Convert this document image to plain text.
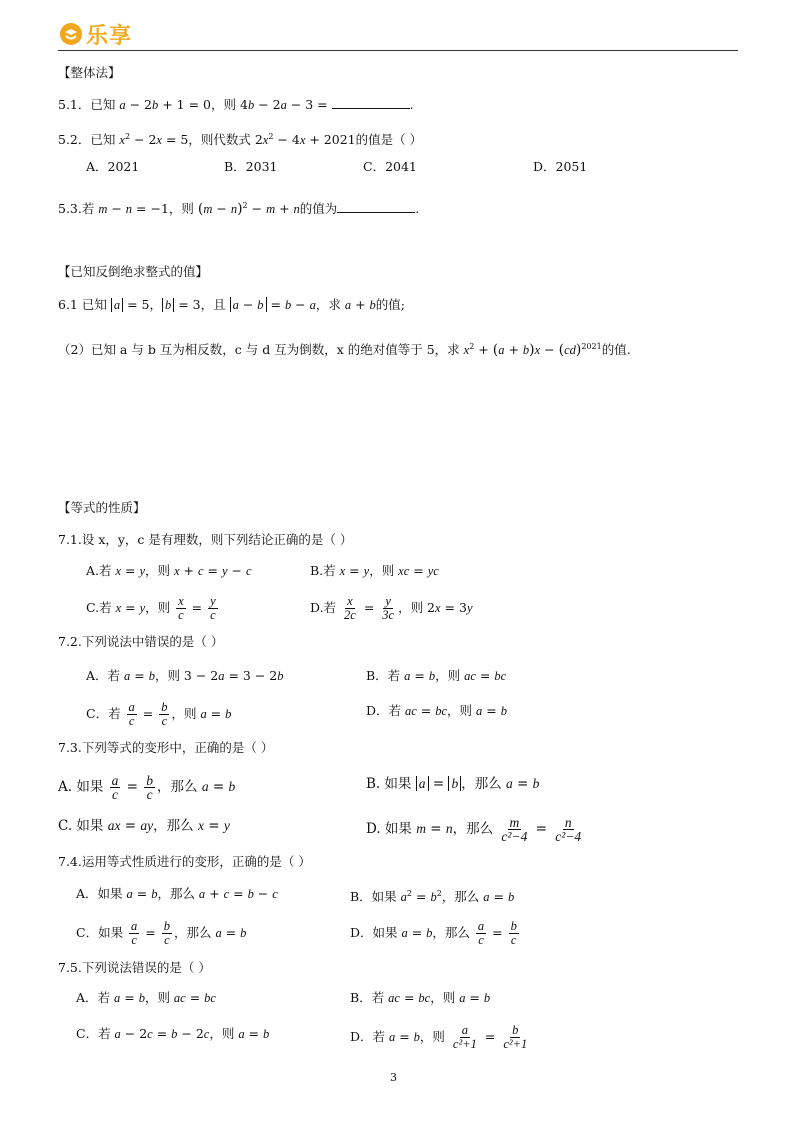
乐享
【整体法】
5.1．已知 a − 2b + 1 = 0，则 4b − 2a − 3 =	.
5.2．已知 $x^2 - 2x = 5$，则代数式 $2x^2 - 4x + 2021$的值是（ ）
A．2021	B．2031	C．2041	D．2051
5.3.若 m − n = −1，则 $(m - n)^2 - m + n$的值为	.
【已知反倒绝求整式的值】
6.1 已知 a = 5， b = 3，且 a − b = b − a，求 a + b的值;
（2）已知 a 与 b 互为相反数，c 与 d 互为倒数，x 的绝对值等于 5，求 $x^2 + (a + b)x - (cd)^{2021}$的值.
【等式的性质】
7.1.设 x，y，c 是有理数，则下列结论正确的是（ ）
A.若 x = y，则 x + c = y − c	B.若 x = y，则 xc = yc
C.若 x = y，则 $\frac{x}{c} = \frac{y}{c}$	D.若 $\frac{x}{2c} = \frac{y}{3c}$ ，则 2x = 3y
7.2.下列说法中错误的是（ ）
A．若 a = b，则 3 − 2a = 3 − 2b	B．若 a = b，则 ac = bc
C．若 $\frac{a}{c} = \frac{b}{c}$ ，则 a = b	D．若 ac = bc，则 a = b
7.3.下列等式的变形中，正确的是（ ）
A. 如果 $\frac{a}{c} = \frac{b}{c}$ ，那么 a = b	B. 如果 a = b ，那么 a = b
C. 如果 ax = ay，那么 x = y	D. 如果 m = n，那么 $\frac{m}{\text{c²−4}} = \frac{n}{\text{c²−4}}$
7.4.运用等式性质进行的变形，正确的是（ ）
A．如果 a = b，那么 a + c = b − c	B．如果 $a^2 = b^2$，那么 a = b
C．如果 $\frac{a}{c} = \frac{b}{c}$ ，那么 a = b	D．如果 a = b，那么 $\frac{a}{c} = \frac{b}{c}$
7.5.下列说法错误的是（ ）
A．若 a = b，则 ac = bc	B．若 ac = bc，则 a = b
C．若 a − 2c = b − 2c，则 a = b	D．若 a = b，则 $\frac{a}{\text{c²+1}} = \frac{b}{\text{c²+1}}$
3
